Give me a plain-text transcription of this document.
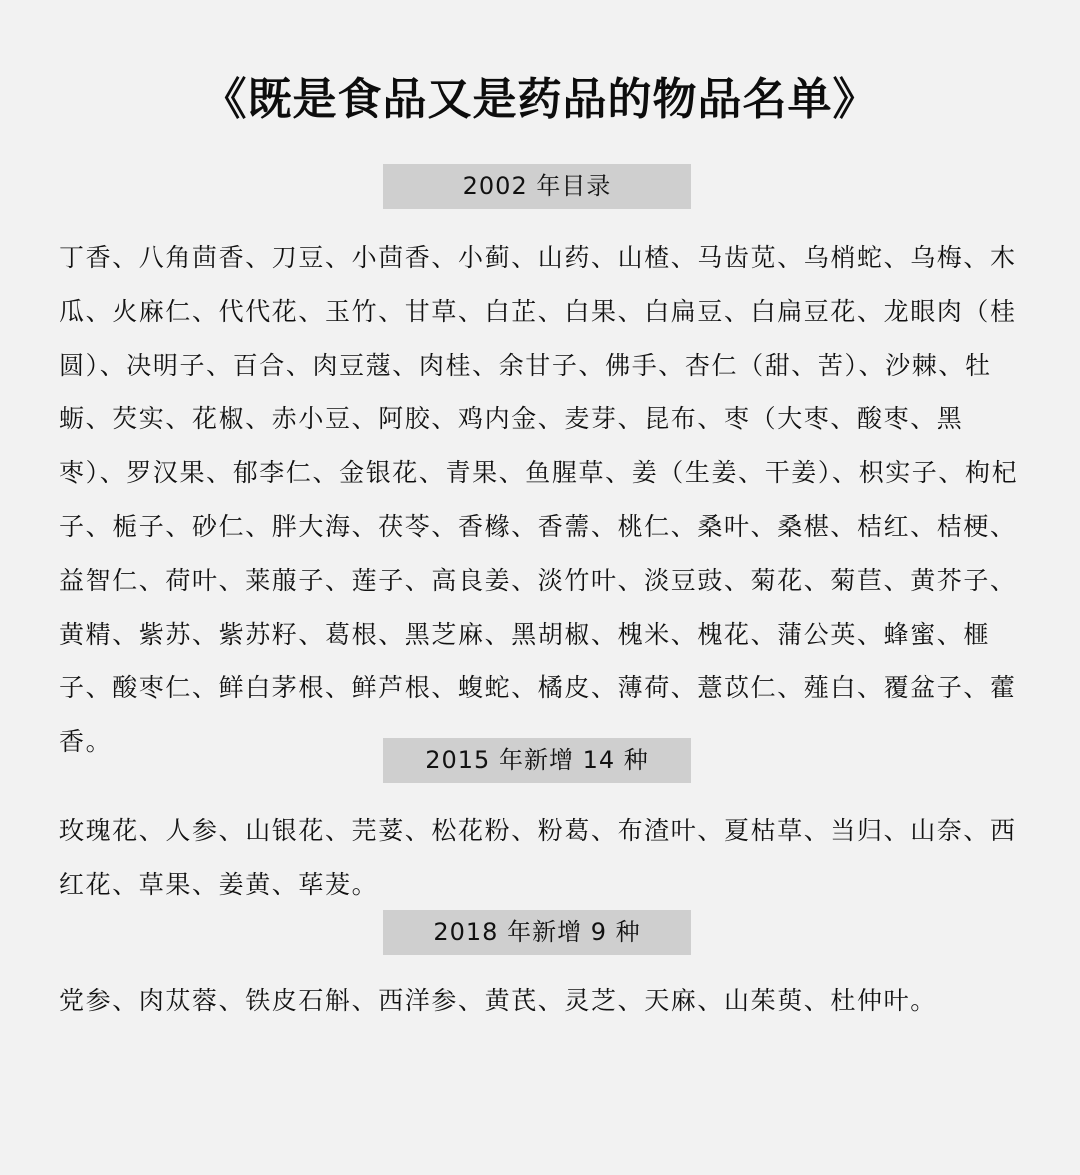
《既是食品又是药品的物品名单》
2002 年目录

丁香、八角茴香、刀豆、小茴香、小蓟、山药、山楂、马齿苋、乌梢蛇、乌梅、木瓜、火麻仁、代代花、玉竹、甘草、白芷、白果、白扁豆、白扁豆花、龙眼肉（桂圆）、决明子、百合、肉豆蔻、肉桂、余甘子、佛手、杏仁（甜、苦）、沙棘、牡蛎、芡实、花椒、赤小豆、阿胶、鸡内金、麦芽、昆布、枣（大枣、酸枣、黑枣）、罗汉果、郁李仁、金银花、青果、鱼腥草、姜（生姜、干姜）、枳实子、枸杞子、栀子、砂仁、胖大海、茯苓、香橼、香薷、桃仁、桑叶、桑椹、桔红、桔梗、益智仁、荷叶、莱菔子、莲子、高良姜、淡竹叶、淡豆豉、菊花、菊苣、黄芥子、黄精、紫苏、紫苏籽、葛根、黑芝麻、黑胡椒、槐米、槐花、蒲公英、蜂蜜、榧子、酸枣仁、鲜白茅根、鲜芦根、蝮蛇、橘皮、薄荷、薏苡仁、薤白、覆盆子、藿香。

2015 年新增 14 种

玫瑰花、人参、山银花、芫荽、松花粉、粉葛、布渣叶、夏枯草、当归、山奈、西红花、草果、姜黄、荜茇。

2018 年新增 9 种

党参、肉苁蓉、铁皮石斛、西洋参、黄芪、灵芝、天麻、山茱萸、杜仲叶。
